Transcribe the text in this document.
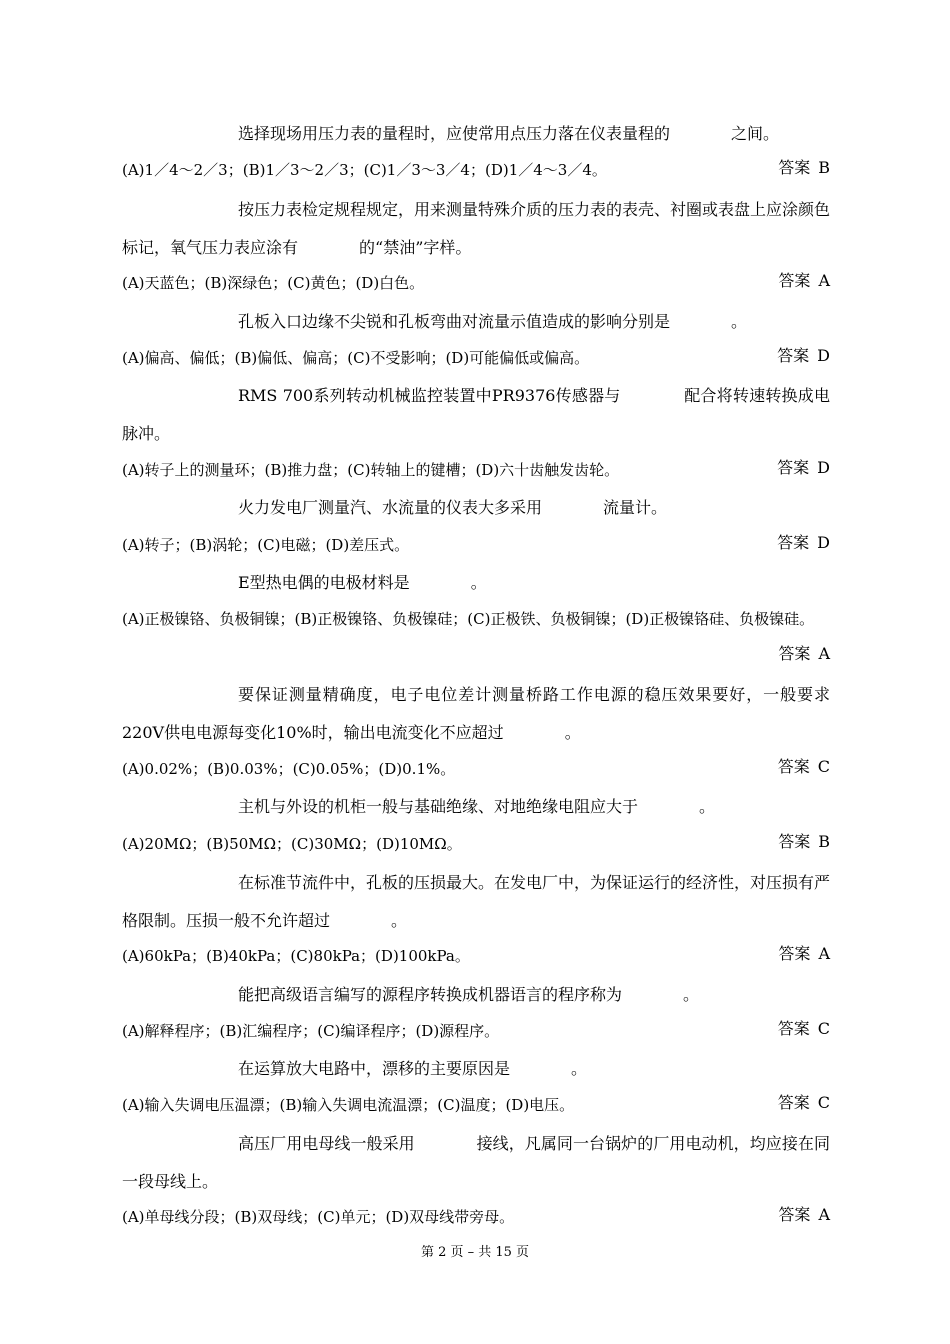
选择现场用压力表的量程时，应使常用点压力落在仪表量程的            之间。
(A)1／4～2／3；(B)1／3～2／3；(C)1／3～3／4；(D)1／4～3／4。	答案 B
按压力表检定规程规定，用来测量特殊介质的压力表的表壳、衬圈或表盘上应涂颜色标记，氧气压力表应涂有            的“禁油”字样。
(A)天蓝色；(B)深绿色；(C)黄色；(D)白色。	答案 A
孔板入口边缘不尖锐和孔板弯曲对流量示值造成的影响分别是            。
(A)偏高、偏低；(B)偏低、偏高；(C)不受影响；(D)可能偏低或偏高。	答案 D
RMS 700系列转动机械监控装置中PR9376传感器与            配合将转速转换成电脉冲。
(A)转子上的测量环；(B)推力盘；(C)转轴上的键槽；(D)六十齿触发齿轮。	答案 D
火力发电厂测量汽、水流量的仪表大多采用            流量计。
(A)转子；(B)涡轮；(C)电磁；(D)差压式。	答案 D
E型热电偶的电极材料是            。
(A)正极镍铬、负极铜镍；(B)正极镍铬、负极镍硅；(C)正极铁、负极铜镍；(D)正极镍铬硅、负极镍硅。
答案 A
要保证测量精确度，电子电位差计测量桥路工作电源的稳压效果要好，一般要求220V供电电源每变化10%时，输出电流变化不应超过            。
(A)0.02%；(B)0.03%；(C)0.05%；(D)0.1%。	答案 C
主机与外设的机柜一般与基础绝缘、对地绝缘电阻应大于            。
(A)20MΩ；(B)50MΩ；(C)30MΩ；(D)10MΩ。	答案 B
在标准节流件中，孔板的压损最大。在发电厂中，为保证运行的经济性，对压损有严格限制。压损一般不允许超过            。
(A)60kPa；(B)40kPa；(C)80kPa；(D)100kPa。	答案 A
能把高级语言编写的源程序转换成机器语言的程序称为            。
(A)解释程序；(B)汇编程序；(C)编译程序；(D)源程序。	答案 C
在运算放大电路中，漂移的主要原因是            。
(A)输入失调电压温漂；(B)输入失调电流温漂；(C)温度；(D)电压。	答案 C
高压厂用电母线一般采用            接线，凡属同一台锅炉的厂用电动机，均应接在同一段母线上。
(A)单母线分段；(B)双母线；(C)单元；(D)双母线带旁母。	答案 A
第 2 页 – 共 15 页
